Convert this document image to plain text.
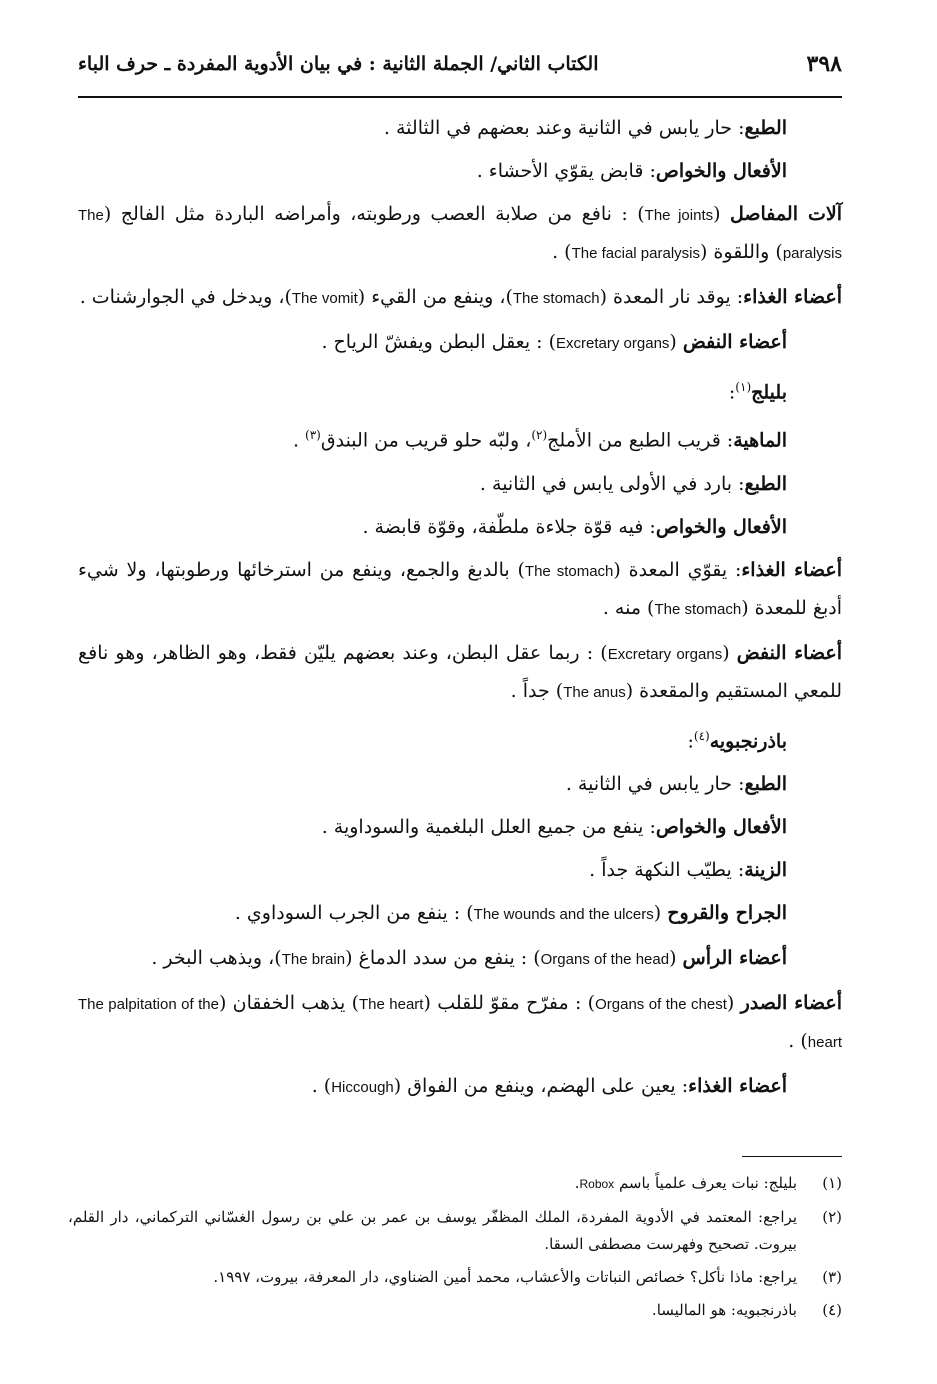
الكتاب الثاني/ الجملة الثانية : في بيان الأدوية المفردة ـ حرف الباء	٣٩٨

الطبع: حار يابس في الثانية وعند بعضهم في الثالثة .

الأفعال والخواص: قابض يقوّي الأحشاء .

آلات المفاصل (The joints) : نافع من صلابة العصب ورطوبته، وأمراضه الباردة مثل الفالج (The paralysis) واللقوة (The facial paralysis) .

أعضاء الغذاء: يوقد نار المعدة (The stomach)، وينفع من القيء (The vomit)، ويدخل في الجوارشنات .

أعضاء النفض (Excretary organs) : يعقل البطن ويفشّ الرياح .

بليلج$^{(١)}$:

الماهية: قريب الطبع من الأملج$^{(٢)}$، ولبّه حلو قريب من البندق$^{(٣)}$ .

الطبع: بارد في الأولى يابس في الثانية .

الأفعال والخواص: فيه قوّة جلاءة ملطّفة، وقوّة قابضة .

أعضاء الغذاء: يقوّي المعدة (The stomach) بالدبغ والجمع، وينفع من استرخائها ورطوبتها، ولا شيء أدبغ للمعدة (The stomach) منه .

أعضاء النفض (Excretary organs) : ربما عقل البطن، وعند بعضهم يليّن فقط، وهو الظاهر، وهو نافع للمعي المستقيم والمقعدة (The anus) جداً .

باذرنجبويه$^{(٤)}$:

الطبع: حار يابس في الثانية .

الأفعال والخواص: ينفع من جميع العلل البلغمية والسوداوية .

الزينة: يطيّب النكهة جداً .

الجراح والقروح (The wounds and the ulcers) : ينفع من الجرب السوداوي .

أعضاء الرأس (Organs of the head) : ينفع من سدد الدماغ (The brain)، ويذهب البخر .

أعضاء الصدر (Organs of the chest) : مفرّح مقوّ للقلب (The heart) يذهب الخفقان (The palpitation of the heart) .

أعضاء الغذاء: يعين على الهضم، وينفع من الفواق (Hiccough) .

(١)
بليلج: نبات يعرف علمياً باسم Robox.
(٢)
يراجع: المعتمد في الأدوية المفردة، الملك المظفّر يوسف بن عمر بن علي بن رسول الغسّاني التركماني، دار القلم، بيروت. تصحيح وفهرست مصطفى السقا.
(٣)
يراجع: ماذا نأكل؟ خصائص النباتات والأعشاب، محمد أمين الضناوي، دار المعرفة، بيروت، ١٩٩٧.
(٤)
باذرنجبويه: هو الماليسا.
